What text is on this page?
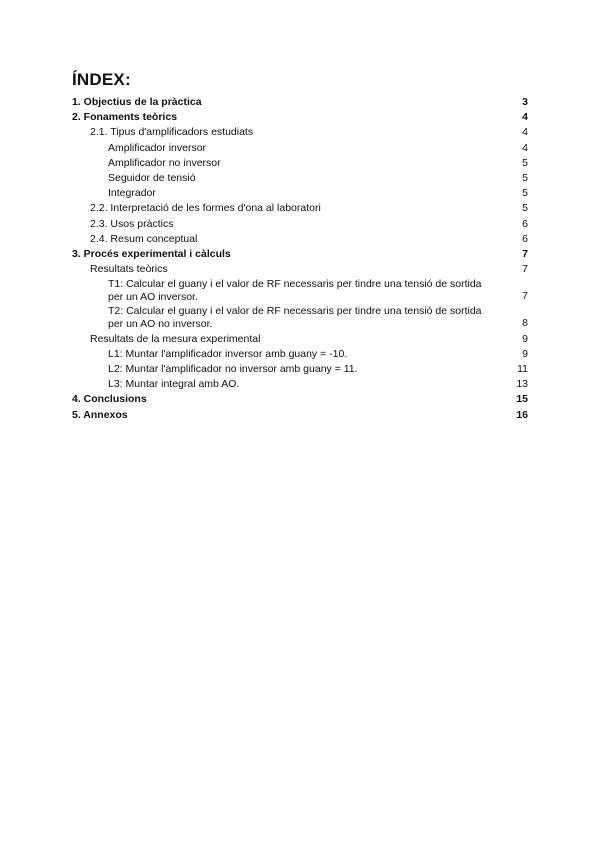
ÍNDEX:
1. Objectius de la pràctica	3
2. Fonaments teòrics	4
2.1. Tipus d'amplificadors estudiats	4
Amplificador inversor	4
Amplificador no inversor	5
Seguidor de tensió	5
Integrador	5
2.2. Interpretació de les formes d'ona al laboratori	5
2.3. Usos pràctics	6
2.4. Resum conceptual	6
3. Procés experimental i càlculs	7
Resultats teòrics	7
T1: Calcular el guany i el valor de RF necessaris per tindre una tensió de sortida per un AO inversor.	7
T2: Calcular el guany i el valor de RF necessaris per tindre una tensió de sortida per un AO no inversor.	8
Resultats de la mesura experimental	9
L1: Muntar l'amplificador inversor amb guany = -10.	9
L2: Muntar l'amplificador no inversor amb guany = 11.	11
L3: Muntar integral amb AO.	13
4. Conclusions	15
5. Annexos	16
